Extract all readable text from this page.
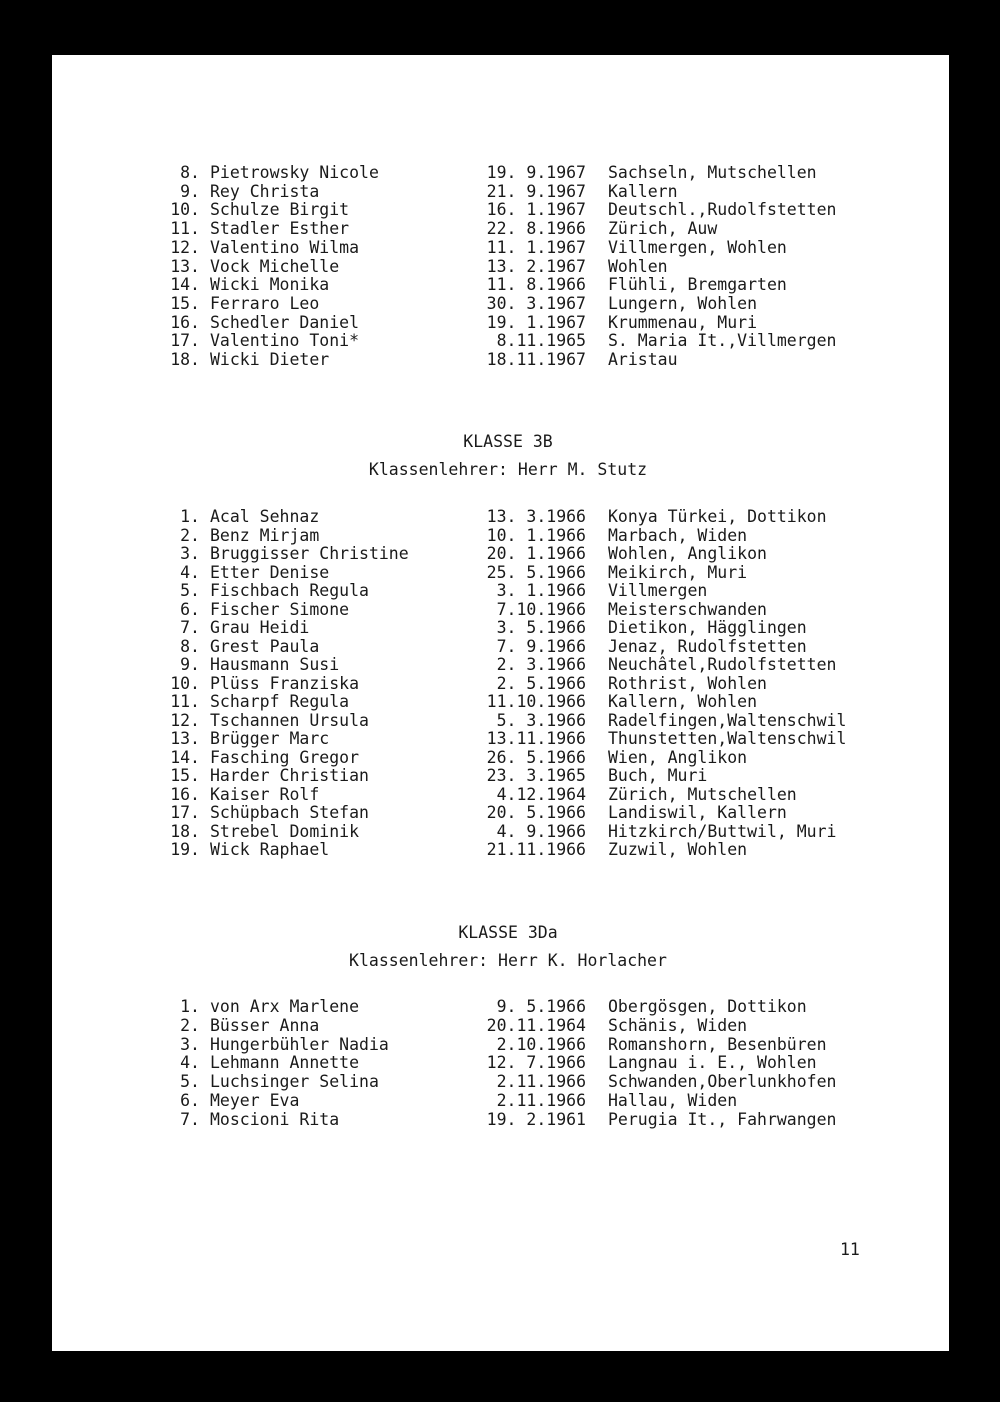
8. Pietrowsky Nicole	19. 9.1967 Sachseln, Mutschellen
9. Rey Christa	21. 9.1967 Kallern
10. Schulze Birgit	16. 1.1967 Deutschl.,Rudolfstetten
11. Stadler Esther	22. 8.1966 Zürich, Auw
12. Valentino Wilma	11. 1.1967 Villmergen, Wohlen
13. Vock Michelle	13. 2.1967 Wohlen
14. Wicki Monika	11. 8.1966 Flühli, Bremgarten
15. Ferraro Leo	30. 3.1967 Lungern, Wohlen
16. Schedler Daniel	19. 1.1967 Krummenau, Muri
17. Valentino Toni*	8.11.1965 S. Maria It.,Villmergen
18. Wicki Dieter	18.11.1967 Aristau
KLASSE 3B
Klassenlehrer: Herr M. Stutz
1. Acal Sehnaz	13. 3.1966 Konya Türkei, Dottikon
2. Benz Mirjam	10. 1.1966 Marbach, Widen
3. Bruggisser Christine	20. 1.1966 Wohlen, Anglikon
4. Etter Denise	25. 5.1966 Meikirch, Muri
5. Fischbach Regula	3. 1.1966 Villmergen
6. Fischer Simone	7.10.1966 Meisterschwanden
7. Grau Heidi	3. 5.1966 Dietikon, Hägglingen
8. Grest Paula	7. 9.1966 Jenaz, Rudolfstetten
9. Hausmann Susi	2. 3.1966 Neuchâtel,Rudolfstetten
10. Plüss Franziska	2. 5.1966 Rothrist, Wohlen
11. Scharpf Regula	11.10.1966 Kallern, Wohlen
12. Tschannen Ursula	5. 3.1966 Radelfingen,Waltenschwil
13. Brügger Marc	13.11.1966 Thunstetten,Waltenschwil
14. Fasching Gregor	26. 5.1966 Wien, Anglikon
15. Harder Christian	23. 3.1965 Buch, Muri
16. Kaiser Rolf	4.12.1964 Zürich, Mutschellen
17. Schüpbach Stefan	20. 5.1966 Landiswil, Kallern
18. Strebel Dominik	4. 9.1966 Hitzkirch/Buttwil, Muri
19. Wick Raphael	21.11.1966 Zuzwil, Wohlen
KLASSE 3Da
Klassenlehrer: Herr K. Horlacher
1. von Arx Marlene	9. 5.1966 Obergösgen, Dottikon
2. Büsser Anna	20.11.1964 Schänis, Widen
3. Hungerbühler Nadia	2.10.1966 Romanshorn, Besenbüren
4. Lehmann Annette	12. 7.1966 Langnau i. E., Wohlen
5. Luchsinger Selina	2.11.1966 Schwanden,Oberlunkhofen
6. Meyer Eva	2.11.1966 Hallau, Widen
7. Moscioni Rita	19. 2.1961 Perugia It., Fahrwangen
11
